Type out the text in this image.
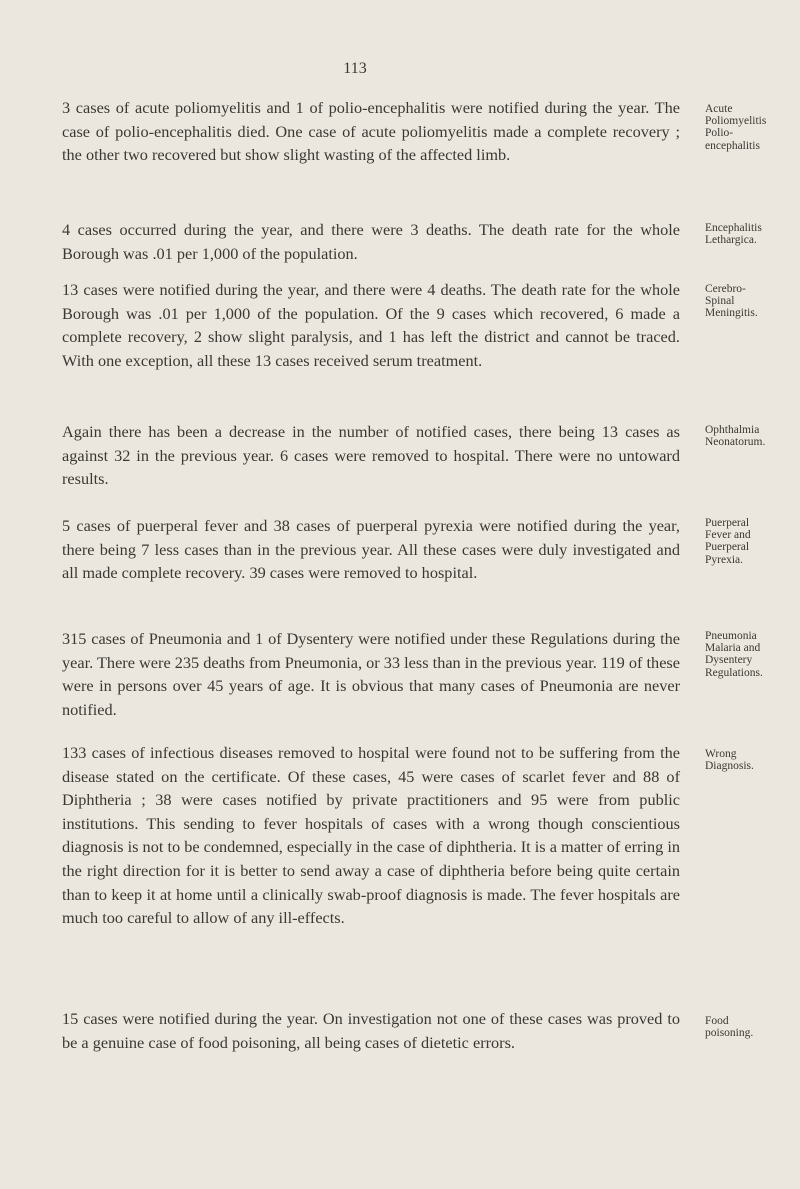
113

3 cases of acute poliomyelitis and 1 of polio-encephalitis were notified during the year. The case of polio-encephalitis died. One case of acute poliomyelitis made a complete recovery ; the other two recovered but show slight wasting of the affected limb.

Acute
Poliomyelitis
Polio-
encephalitis

4 cases occurred during the year, and there were 3 deaths. The death rate for the whole Borough was .01 per 1,000 of the population.

Encephalitis
Lethargica.

13 cases were notified during the year, and there were 4 deaths. The death rate for the whole Borough was .01 per 1,000 of the population. Of the 9 cases which recovered, 6 made a complete recovery, 2 show slight paralysis, and 1 has left the district and cannot be traced. With one exception, all these 13 cases received serum treatment.

Cerebro-
Spinal
Meningitis.

Again there has been a decrease in the number of notified cases, there being 13 cases as against 32 in the previous year. 6 cases were removed to hospital. There were no untoward results.

Ophthalmia
Neonatorum.

5 cases of puerperal fever and 38 cases of puerperal pyrexia were notified during the year, there being 7 less cases than in the previous year. All these cases were duly investigated and all made complete recovery. 39 cases were removed to hospital.

Puerperal
Fever and
Puerperal
Pyrexia.

315 cases of Pneumonia and 1 of Dysentery were notified under these Regulations during the year. There were 235 deaths from Pneumonia, or 33 less than in the previous year. 119 of these were in persons over 45 years of age. It is obvious that many cases of Pneumonia are never notified.

Pneumonia
Malaria and
Dysentery
Regulations.

133 cases of infectious diseases removed to hospital were found not to be suffering from the disease stated on the certificate. Of these cases, 45 were cases of scarlet fever and 88 of Diphtheria ; 38 were cases notified by private practitioners and 95 were from public institutions. This sending to fever hospitals of cases with a wrong though conscientious diagnosis is not to be condemned, especially in the case of diphtheria. It is a matter of erring in the right direction for it is better to send away a case of diphtheria before being quite certain than to keep it at home until a clinically swab-proof diagnosis is made. The fever hospitals are much too careful to allow of any ill-effects.

Wrong
Diagnosis.

15 cases were notified during the year. On investigation not one of these cases was proved to be a genuine case of food poisoning, all being cases of dietetic errors.

Food
poisoning.
